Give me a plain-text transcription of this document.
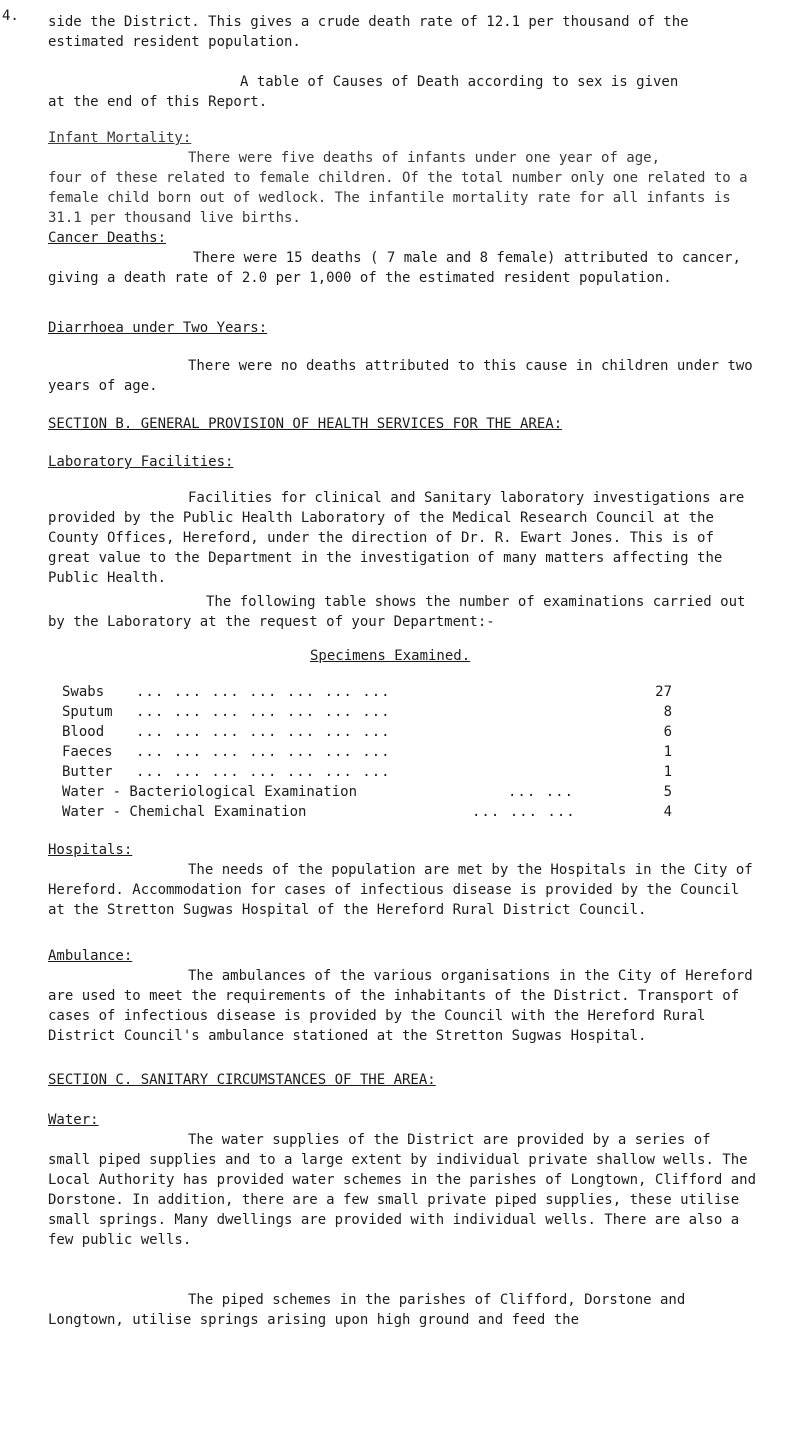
4. side the District. This gives a crude death rate of 12.1 per thousand of the estimated resident population.

A table of Causes of Death according to sex is given

at the end of this Report.

Infant Mortality:

There were five deaths of infants under one year of age,

four of these related to female children. Of the total number only one related to a female child born out of wedlock. The infantile mortality rate for all infants is 31.1 per thousand live births.

Cancer Deaths:

There were 15 deaths ( 7 male and 8 female) attributed to cancer, giving a death rate of 2.0 per 1,000 of the estimated resident population.

Diarrhoea under Two Years:

There were no deaths attributed to this cause in children under two years of age.

SECTION B. GENERAL PROVISION OF HEALTH SERVICES FOR THE AREA:

Laboratory Facilities:

Facilities for clinical and Sanitary laboratory investigations are provided by the Public Health Laboratory of the Medical Research Council at the County Offices, Hereford, under the direction of Dr. R. Ewart Jones. This is of great value to the Department in the investigation of many matters affecting the Public Health.

The following table shows the number of examinations carried out by the Laboratory at the request of your Department:-

Specimens Examined.
Swabs ... ... ... ... ... ... ...	27
Sputum ... ... ... ... ... ... ...	8
Blood ... ... ... ... ... ... ...	6
Faeces ... ... ... ... ... ... ...	1
Butter ... ... ... ... ... ... ...	1
Water - Bacteriological Examination	... ...	5
Water - Chemichal Examination	... ... ...	4

Hospitals:

The needs of the population are met by the Hospitals in the City of Hereford. Accommodation for cases of infectious disease is provided by the Council at the Stretton Sugwas Hospital of the Hereford Rural District Council.

Ambulance:

The ambulances of the various organisations in the City of Hereford are used to meet the requirements of the inhabitants of the District. Transport of cases of infectious disease is provided by the Council with the Hereford Rural District Council's ambulance stationed at the Stretton Sugwas Hospital.

SECTION C. SANITARY CIRCUMSTANCES OF THE AREA:

Water:

The water supplies of the District are provided by a series of small piped supplies and to a large extent by individual private shallow wells. The Local Authority has provided water schemes in the parishes of Longtown, Clifford and Dorstone. In addition, there are a few small private piped supplies, these utilise small springs. Many dwellings are provided with individual wells. There are also a few public wells.

The piped schemes in the parishes of Clifford, Dorstone and Longtown, utilise springs arising upon high ground and feed the
